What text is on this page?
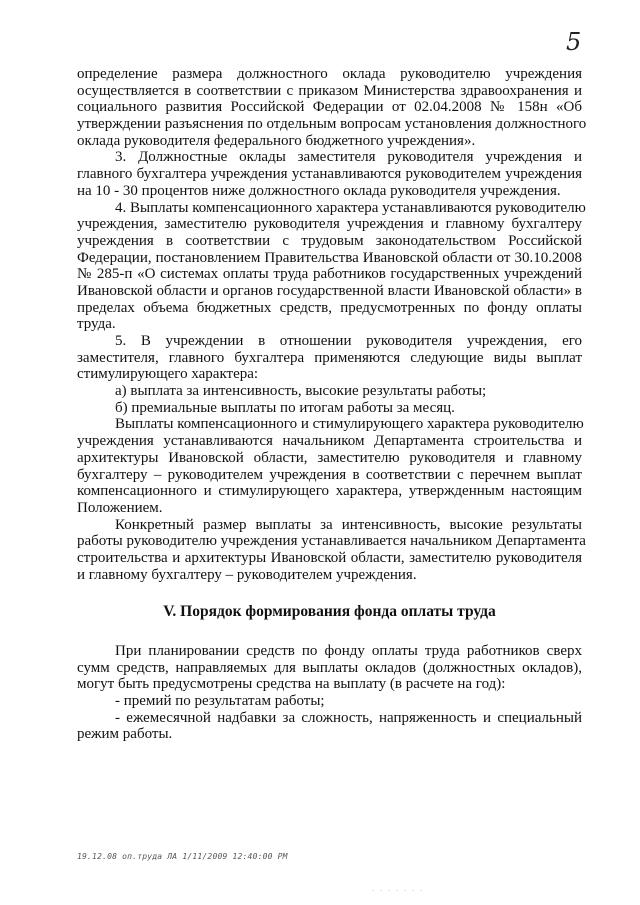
5
определение размера должностного оклада руководителю учреждения
осуществляется в соответствии с приказом Министерства здравоохранения и
социального развития Российской Федерации от 02.04.2008 № 158н «Об
утверждении разъяснения по отдельным вопросам установления должностного
оклада руководителя федерального бюджетного учреждения».
3. Должностные оклады заместителя руководителя учреждения и
главного бухгалтера учреждения устанавливаются руководителем учреждения
на 10 - 30 процентов ниже должностного оклада руководителя учреждения.
4. Выплаты компенсационного характера устанавливаются руководителю
учреждения, заместителю руководителя учреждения и главному бухгалтеру
учреждения в соответствии с трудовым законодательством Российской
Федерации, постановлением Правительства Ивановской области от 30.10.2008
№ 285-п «О системах оплаты труда работников государственных учреждений
Ивановской области и органов государственной власти Ивановской области» в
пределах объема бюджетных средств, предусмотренных по фонду оплаты
труда.
5. В учреждении в отношении руководителя учреждения, его
заместителя, главного бухгалтера применяются следующие виды выплат
стимулирующего характера:
а) выплата за интенсивность, высокие результаты работы;
б) премиальные выплаты по итогам работы за месяц.
Выплаты компенсационного и стимулирующего характера руководителю
учреждения устанавливаются начальником Департамента строительства и
архитектуры Ивановской области, заместителю руководителя и главному
бухгалтеру – руководителем учреждения в соответствии с перечнем выплат
компенсационного и стимулирующего характера, утвержденным настоящим
Положением.
Конкретный размер выплаты за интенсивность, высокие результаты
работы руководителю учреждения устанавливается начальником Департамента
строительства и архитектуры Ивановской области, заместителю руководителя
и главному бухгалтеру – руководителем учреждения.
V. Порядок формирования фонда оплаты труда
При планировании средств по фонду оплаты труда работников сверх
сумм средств, направляемых для выплаты окладов (должностных окладов),
могут быть предусмотрены средства на выплату (в расчете на год):
- премий по результатам работы;
- ежемесячной надбавки за сложность, напряженность и специальный
режим работы.
19.12.08 оп.труда ЛА 1/11/2009 12:40:00 PM
. . . . . . .
